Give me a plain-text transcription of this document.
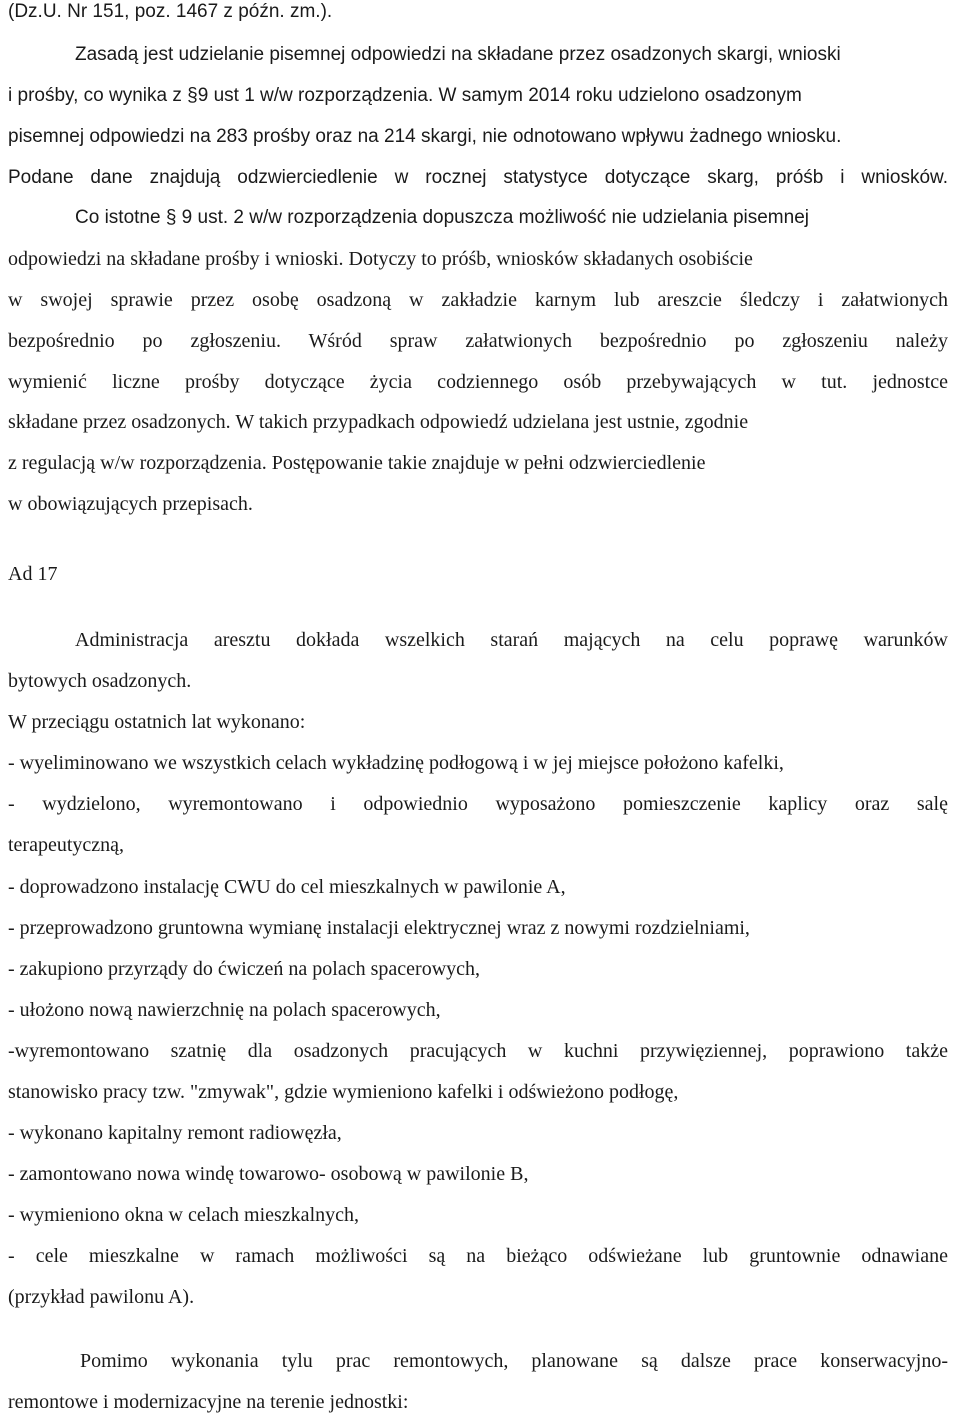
(Dz.U. Nr 151, poz. 1467 z późn. zm.).
Zasadą jest udzielanie pisemnej odpowiedzi na składane przez osadzonych skargi, wnioski
i prośby, co wynika z §9 ust 1 w/w rozporządzenia. W samym 2014 roku udzielono osadzonym
pisemnej odpowiedzi na 283 prośby oraz na 214 skargi, nie odnotowano wpływu żadnego wniosku.
Podane dane znajdują odzwierciedlenie w rocznej statystyce dotyczące skarg, próśb i wniosków.
Co istotne § 9 ust. 2 w/w rozporządzenia dopuszcza możliwość nie udzielania pisemnej
odpowiedzi na składane prośby i wnioski. Dotyczy to próśb, wniosków składanych osobiście
w swojej sprawie przez osobę osadzoną w zakładzie karnym lub areszcie śledczy i załatwionych
bezpośrednio po zgłoszeniu. Wśród spraw załatwionych bezpośrednio po zgłoszeniu należy
wymienić liczne prośby dotyczące życia codziennego osób przebywających w tut. jednostce
składane przez osadzonych. W takich przypadkach odpowiedź udzielana jest ustnie, zgodnie
z regulacją w/w rozporządzenia. Postępowanie takie znajduje w pełni odzwierciedlenie
w obowiązujących przepisach.
Ad 17
Administracja aresztu dokłada wszelkich starań mających na celu poprawę warunków
bytowych osadzonych.
W przeciągu ostatnich lat wykonano:
- wyeliminowano we wszystkich celach wykładzinę podłogową i w jej miejsce położono kafelki,
- wydzielono, wyremontowano i odpowiednio wyposażono pomieszczenie kaplicy oraz salę
terapeutyczną,
- doprowadzono instalację CWU do cel mieszkalnych w pawilonie A,
- przeprowadzono gruntowna wymianę instalacji elektrycznej wraz z nowymi rozdzielniami,
- zakupiono przyrządy do ćwiczeń na polach spacerowych,
- ułożono nową nawierzchnię na polach spacerowych,
-wyremontowano szatnię dla osadzonych pracujących w kuchni przywięziennej, poprawiono także
stanowisko pracy tzw. "zmywak", gdzie wymieniono kafelki i odświeżono podłogę,
- wykonano kapitalny remont radiowęzła,
- zamontowano nowa windę towarowo- osobową w pawilonie B,
- wymieniono okna w celach mieszkalnych,
- cele mieszkalne w ramach możliwości są na bieżąco odświeżane lub gruntownie odnawiane
(przykład pawilonu A).
Pomimo wykonania tylu prac remontowych, planowane są dalsze prace konserwacyjno-
remontowe i modernizacyjne na terenie jednostki:
